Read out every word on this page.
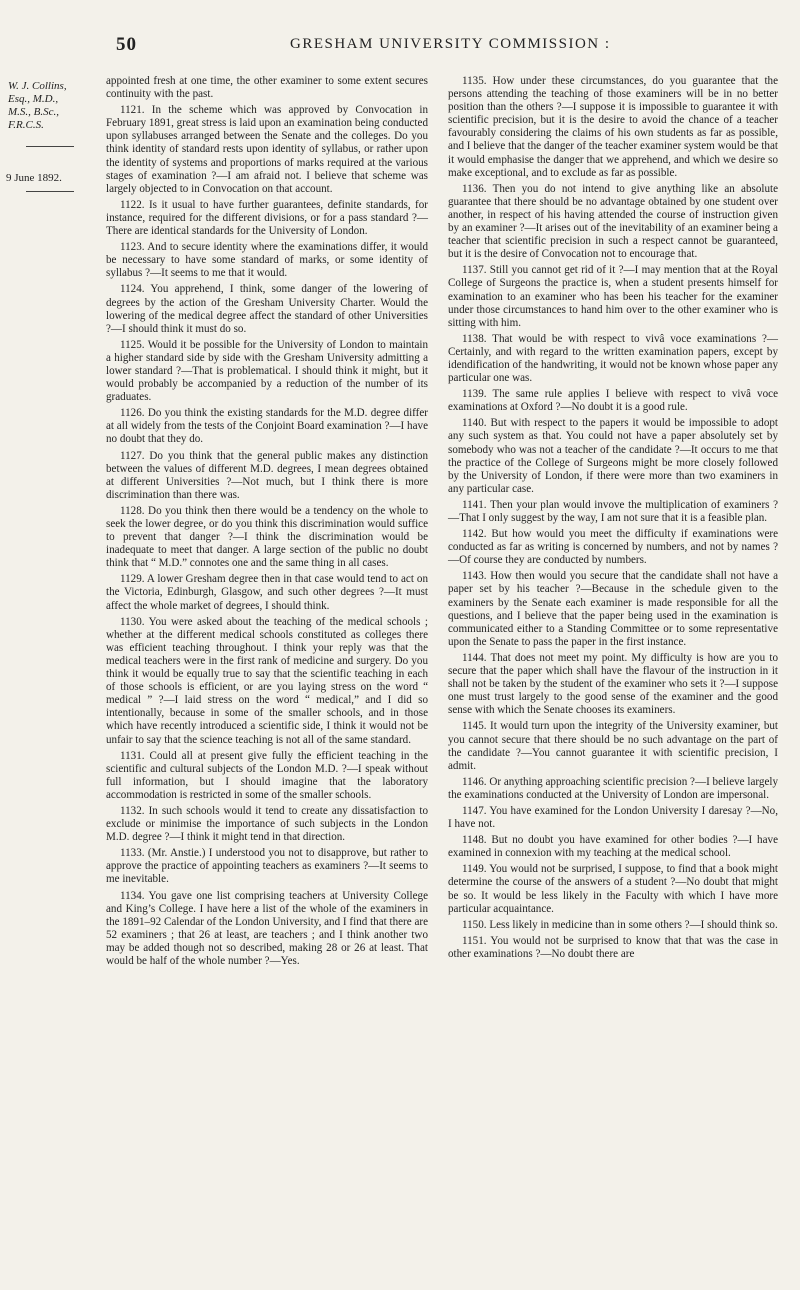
50	GRESHAM UNIVERSITY COMMISSION :
W. J. Collins,
Esq., M.D.,
M.S., B.Sc.,
F.R.C.S.
9 June 1892.

appointed fresh at one time, the other examiner to some extent secures continuity with the past.

1121. In the scheme which was approved by Convocation in February 1891, great stress is laid upon an examination being conducted upon syllabuses arranged between the Senate and the colleges. Do you think identity of standard rests upon identity of syllabus, or rather upon the identity of systems and proportions of marks required at the various stages of examination ?—I am afraid not. I believe that scheme was largely objected to in Convocation on that account.

1122. Is it usual to have further guarantees, definite standards, for instance, required for the different divisions, or for a pass standard ?—There are identical standards for the University of London.

1123. And to secure identity where the examinations differ, it would be necessary to have some standard of marks, or some identity of syllabus ?—It seems to me that it would.

1124. You apprehend, I think, some danger of the lowering of degrees by the action of the Gresham University Charter. Would the lowering of the medical degree affect the standard of other Universities ?—I should think it must do so.

1125. Would it be possible for the University of London to maintain a higher standard side by side with the Gresham University admitting a lower standard ?—That is problematical. I should think it might, but it would probably be accompanied by a reduction of the number of its graduates.

1126. Do you think the existing standards for the M.D. degree differ at all widely from the tests of the Conjoint Board examination ?—I have no doubt that they do.

1127. Do you think that the general public makes any distinction between the values of different M.D. degrees, I mean degrees obtained at different Universities ?—Not much, but I think there is more discrimination than there was.

1128. Do you think then there would be a tendency on the whole to seek the lower degree, or do you think this discrimination would suffice to prevent that danger ?—I think the discrimination would be inadequate to meet that danger. A large section of the public no doubt think that “ M.D.” connotes one and the same thing in all cases.

1129. A lower Gresham degree then in that case would tend to act on the Victoria, Edinburgh, Glasgow, and such other degrees ?—It must affect the whole market of degrees, I should think.

1130. You were asked about the teaching of the medical schools ; whether at the different medical schools constituted as colleges there was efficient teaching throughout. I think your reply was that the medical teachers were in the first rank of medicine and surgery. Do you think it would be equally true to say that the scientific teaching in each of those schools is efficient, or are you laying stress on the word “ medical ” ?—I laid stress on the word “ medical,” and I did so intentionally, because in some of the smaller schools, and in those which have recently introduced a scientific side, I think it would not be unfair to say that the science teaching is not all of the same standard.

1131. Could all at present give fully the efficient teaching in the scientific and cultural subjects of the London M.D. ?—I speak without full information, but I should imagine that the laboratory accommodation is restricted in some of the smaller schools.

1132. In such schools would it tend to create any dissatisfaction to exclude or minimise the importance of such subjects in the London M.D. degree ?—I think it might tend in that direction.

1133. (Mr. Anstie.) I understood you not to disapprove, but rather to approve the practice of appointing teachers as examiners ?—It seems to me inevitable.

1134. You gave one list comprising teachers at University College and King’s College. I have here a list of the whole of the examiners in the 1891–92 Calendar of the London University, and I find that there are 52 examiners ; that 26 at least, are teachers ; and I think another two may be added though not so described, making 28 or 26 at least. That would be half of the whole number ?—Yes.

1135. How under these circumstances, do you guarantee that the persons attending the teaching of those examiners will be in no better position than the others ?—I suppose it is impossible to guarantee it with scientific precision, but it is the desire to avoid the chance of a teacher favourably considering the claims of his own students as far as possible, and I believe that the danger of the teacher examiner system would be that it would emphasise the danger that we apprehend, and which we desire so make exceptional, and to exclude as far as possible.

1136. Then you do not intend to give anything like an absolute guarantee that there should be no advantage obtained by one student over another, in respect of his having attended the course of instruction given by an examiner ?—It arises out of the inevitability of an examiner being a teacher that scientific precision in such a respect cannot be guaranteed, but it is the desire of Convocation not to encourage that.

1137. Still you cannot get rid of it ?—I may mention that at the Royal College of Surgeons the practice is, when a student presents himself for examination to an examiner who has been his teacher for the examiner under those circumstances to hand him over to the other examiner who is sitting with him.

1138. That would be with respect to vivâ voce examinations ?—Certainly, and with regard to the written examination papers, except by idendification of the handwriting, it would not be known whose paper any particular one was.

1139. The same rule applies I believe with respect to vivâ voce examinations at Oxford ?—No doubt it is a good rule.

1140. But with respect to the papers it would be impossible to adopt any such system as that. You could not have a paper absolutely set by somebody who was not a teacher of the candidate ?—It occurs to me that the practice of the College of Surgeons might be more closely followed by the University of London, if there were more than two examiners in any particular case.

1141. Then your plan would invove the multiplication of examiners ?—That I only suggest by the way, I am not sure that it is a feasible plan.

1142. But how would you meet the difficulty if examinations were conducted as far as writing is concerned by numbers, and not by names ?—Of course they are conducted by numbers.

1143. How then would you secure that the candidate shall not have a paper set by his teacher ?—Because in the schedule given to the examiners by the Senate each examiner is made responsible for all the questions, and I believe that the paper being used in the examination is communicated either to a Standing Committee or to some representative upon the Senate to pass the paper in the first instance.

1144. That does not meet my point. My difficulty is how are you to secure that the paper which shall have the flavour of the instruction in it shall not be taken by the student of the examiner who sets it ?—I suppose one must trust largely to the good sense of the examiner and the good sense with which the Senate chooses its examiners.

1145. It would turn upon the integrity of the University examiner, but you cannot secure that there should be no such advantage on the part of the candidate ?—You cannot guarantee it with scientific precision, I admit.

1146. Or anything approaching scientific precision ?—I believe largely the examinations conducted at the University of London are impersonal.

1147. You have examined for the London University I daresay ?—No, I have not.

1148. But no doubt you have examined for other bodies ?—I have examined in connexion with my teaching at the medical school.

1149. You would not be surprised, I suppose, to find that a book might determine the course of the answers of a student ?—No doubt that might be so. It would be less likely in the Faculty with which I have more particular acquaintance.

1150. Less likely in medicine than in some others ?—I should think so.

1151. You would not be surprised to know that that was the case in other examinations ?—No doubt there are
